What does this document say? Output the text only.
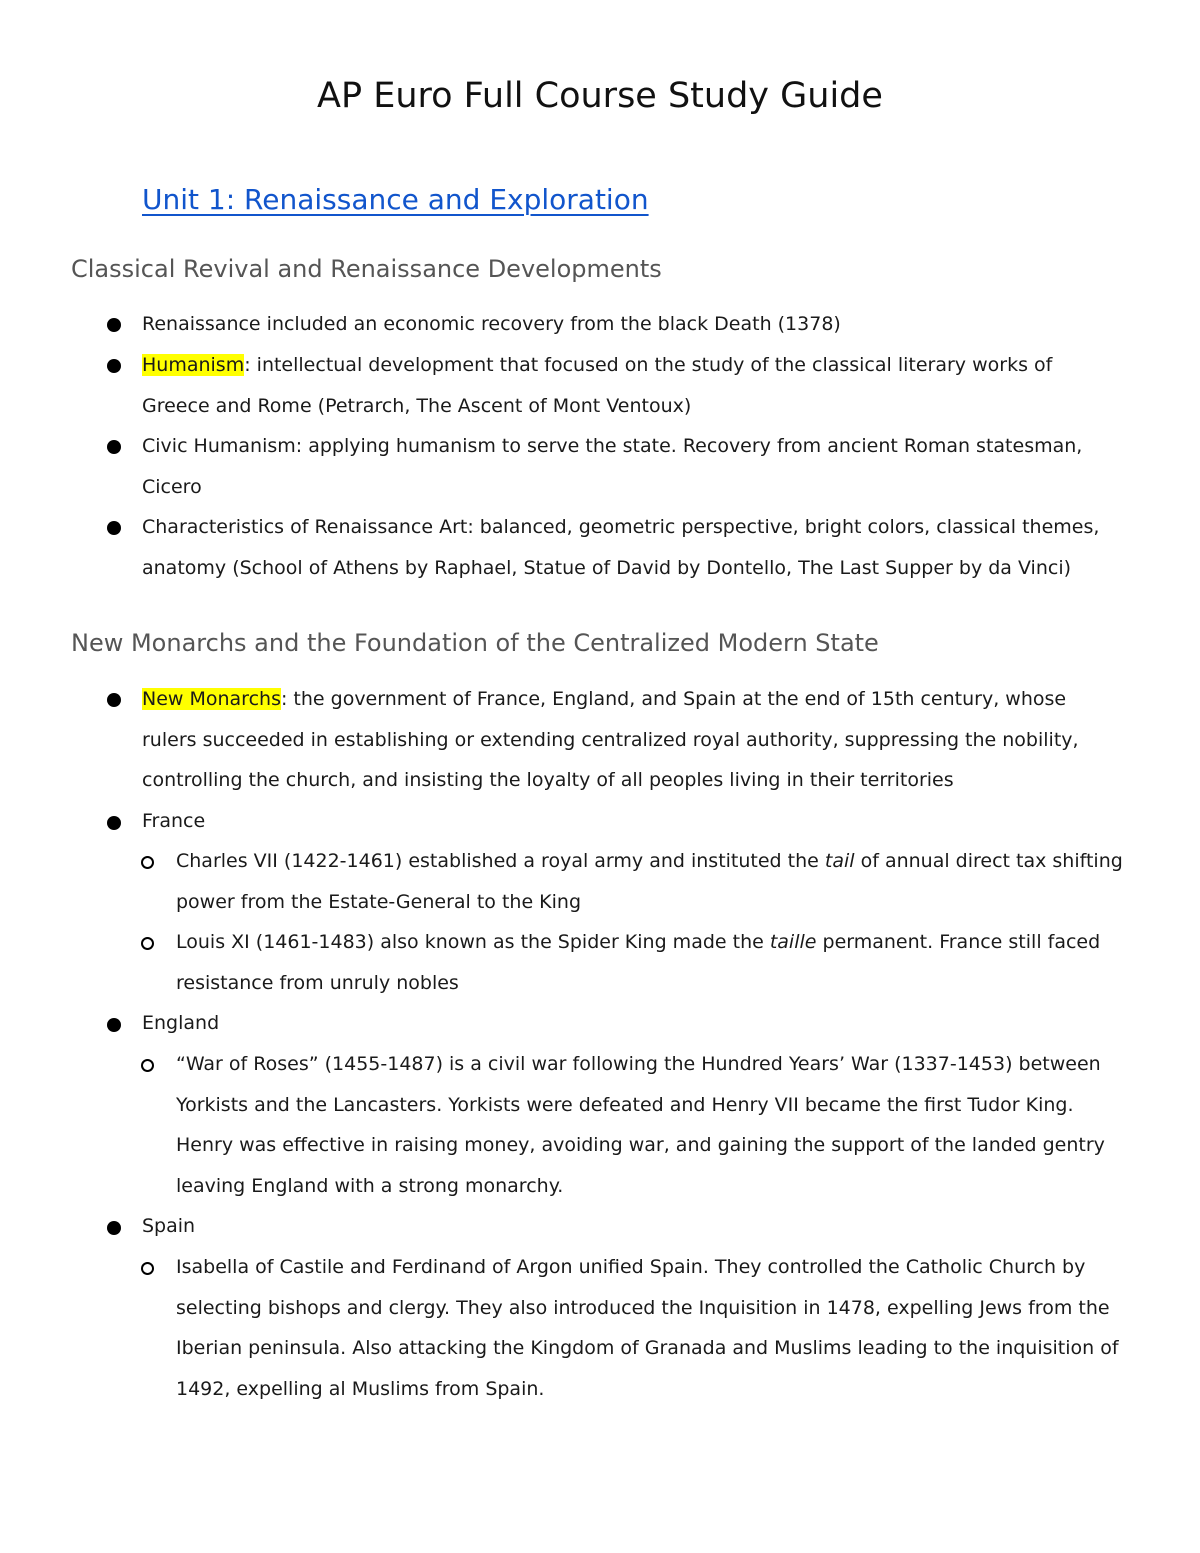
AP Euro Full Course Study Guide
Unit 1: Renaissance and Exploration
Classical Revival and Renaissance Developments
Renaissance included an economic recovery from the black Death (1378)
Humanism: intellectual development that focused on the study of the classical literary works of
Greece and Rome (Petrarch, The Ascent of Mont Ventoux)
Civic Humanism: applying humanism to serve the state. Recovery from ancient Roman statesman,
Cicero
Characteristics of Renaissance Art: balanced, geometric perspective, bright colors, classical themes,
anatomy (School of Athens by Raphael, Statue of David by Dontello, The Last Supper by da Vinci)
New Monarchs and the Foundation of the Centralized Modern State
New Monarchs: the government of France, England, and Spain at the end of 15th century, whose
rulers succeeded in establishing or extending centralized royal authority, suppressing the nobility,
controlling the church, and insisting the loyalty of all peoples living in their territories
France
Charles VII (1422-1461) established a royal army and instituted the tail of annual direct tax shifting
power from the Estate-General to the King
Louis XI (1461-1483) also known as the Spider King made the taille permanent. France still faced
resistance from unruly nobles
England
“War of Roses” (1455-1487) is a civil war following the Hundred Years’ War (1337-1453) between
Yorkists and the Lancasters. Yorkists were defeated and Henry VII became the first Tudor King.
Henry was effective in raising money, avoiding war, and gaining the support of the landed gentry
leaving England with a strong monarchy.
Spain
Isabella of Castile and Ferdinand of Argon unified Spain. They controlled the Catholic Church by
selecting bishops and clergy. They also introduced the Inquisition in 1478, expelling Jews from the
Iberian peninsula. Also attacking the Kingdom of Granada and Muslims leading to the inquisition of
1492, expelling al Muslims from Spain.
